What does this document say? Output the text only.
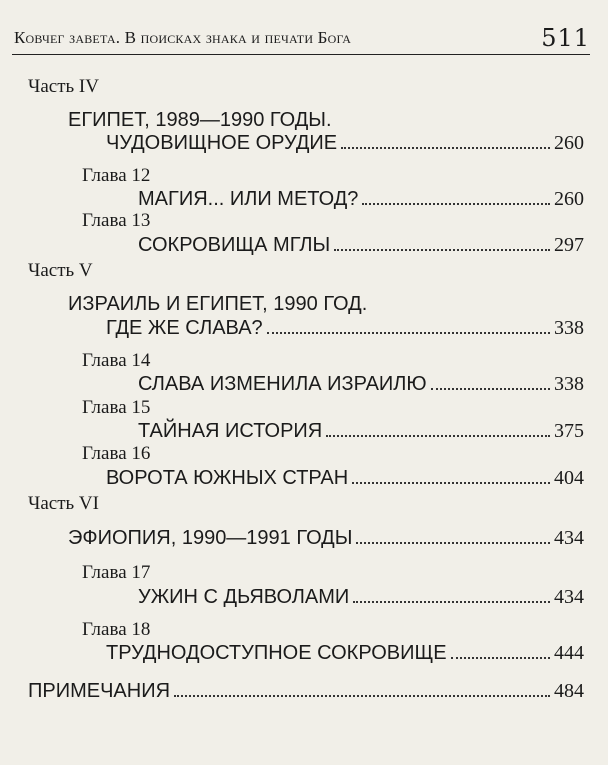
Ковчег завета. В поисках знака и печати Бога	511
Часть IV
ЕГИПЕТ, 1989—1990 ГОДЫ.
ЧУДОВИЩНОЕ ОРУДИЕ	260
Глава 12
МАГИЯ... ИЛИ МЕТОД?	260
Глава 13
СОКРОВИЩА МГЛЫ	297
Часть V
ИЗРАИЛЬ И ЕГИПЕТ, 1990 ГОД.
ГДЕ ЖЕ СЛАВА?	338
Глава 14
СЛАВА ИЗМЕНИЛА ИЗРАИЛЮ	338
Глава 15
ТАЙНАЯ ИСТОРИЯ	375
Глава 16
ВОРОТА ЮЖНЫХ СТРАН	404
Часть VI
ЭФИОПИЯ, 1990—1991 ГОДЫ	434
Глава 17
УЖИН С ДЬЯВОЛАМИ	434
Глава 18
ТРУДНОДОСТУПНОЕ СОКРОВИЩЕ	444
ПРИМЕЧАНИЯ	484
